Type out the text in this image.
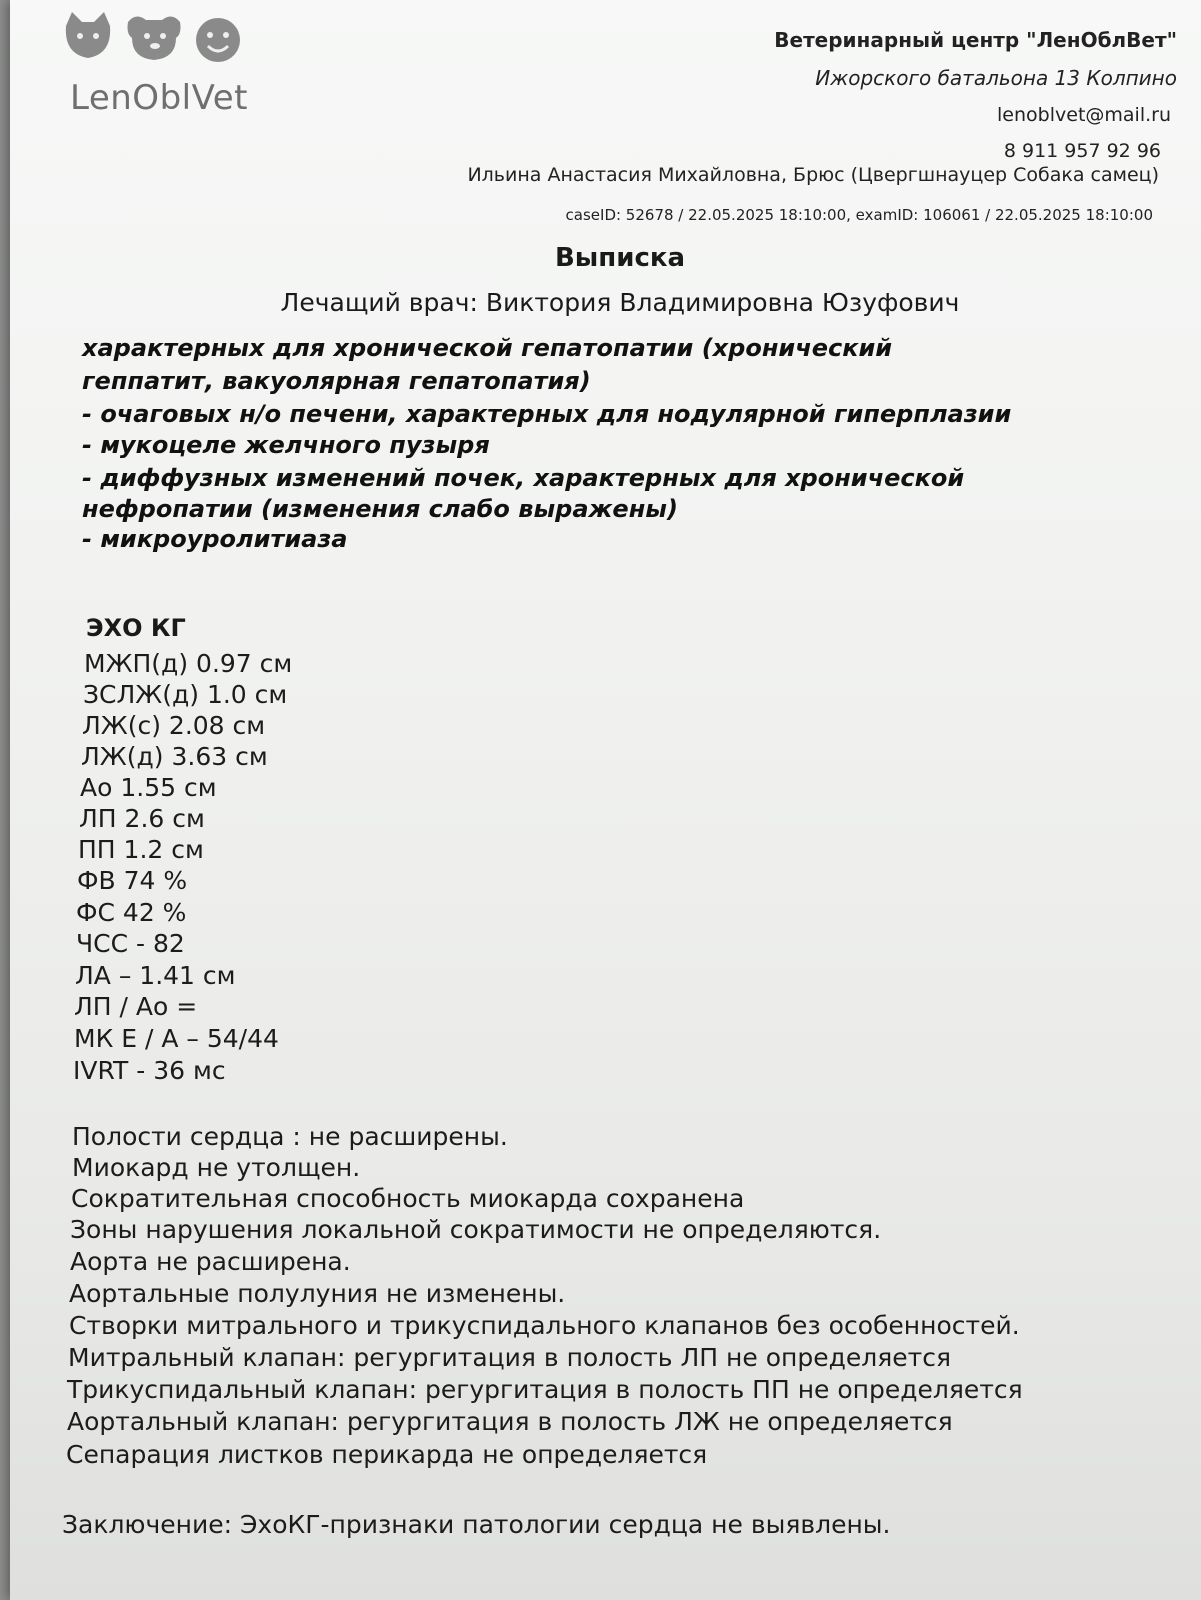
LenOblVet
Ветеринарный центр "ЛенОблВет"
Ижорского батальона 13 Колпино
lenoblvet@mail.ru
8 911 957 92 96
Ильина Анастасия Михайловна, Брюс (Цвергшнауцер Собака самец)
caseID: 52678 / 22.05.2025 18:10:00, examID: 106061 / 22.05.2025 18:10:00
Выписка
Лечащий врач: Виктория Владимировна Юзуфович
характерных для хронической гепатопатии (хронический
геппатит, вакуолярная гепатопатия)
- очаговых н/о печени, характерных для нодулярной гиперплазии
- мукоцеле желчного пузыря
- диффузных изменений почек, характерных для хронической
нефропатии (изменения слабо выражены)
- микроуролитиаза
ЭХО КГ
МЖП(д) 0.97 см
ЗСЛЖ(д) 1.0 см
ЛЖ(с) 2.08 см
ЛЖ(д) 3.63 см
Ао 1.55 см
ЛП 2.6 см
ПП 1.2 см
ФВ 74 %
ФС 42 %
ЧСС - 82
ЛА – 1.41 см
ЛП / Ао =
МК Е / А – 54/44
IVRT - 36 мс
Полости сердца : не расширены.
Миокард не утолщен.
Сократительная способность миокарда сохранена
Зоны нарушения локальной сократимости не определяются.
Аорта не расширена.
Аортальные полулуния не изменены.
Створки митрального и трикуспидального клапанов без особенностей.
Митральный клапан: регургитация в полость ЛП не определяется
Трикуспидальный клапан: регургитация в полость ПП не определяется
Аортальный клапан: регургитация в полость ЛЖ не определяется
Сепарация листков перикарда не определяется
Заключение: ЭхоКГ-признаки патологии сердца не выявлены.
